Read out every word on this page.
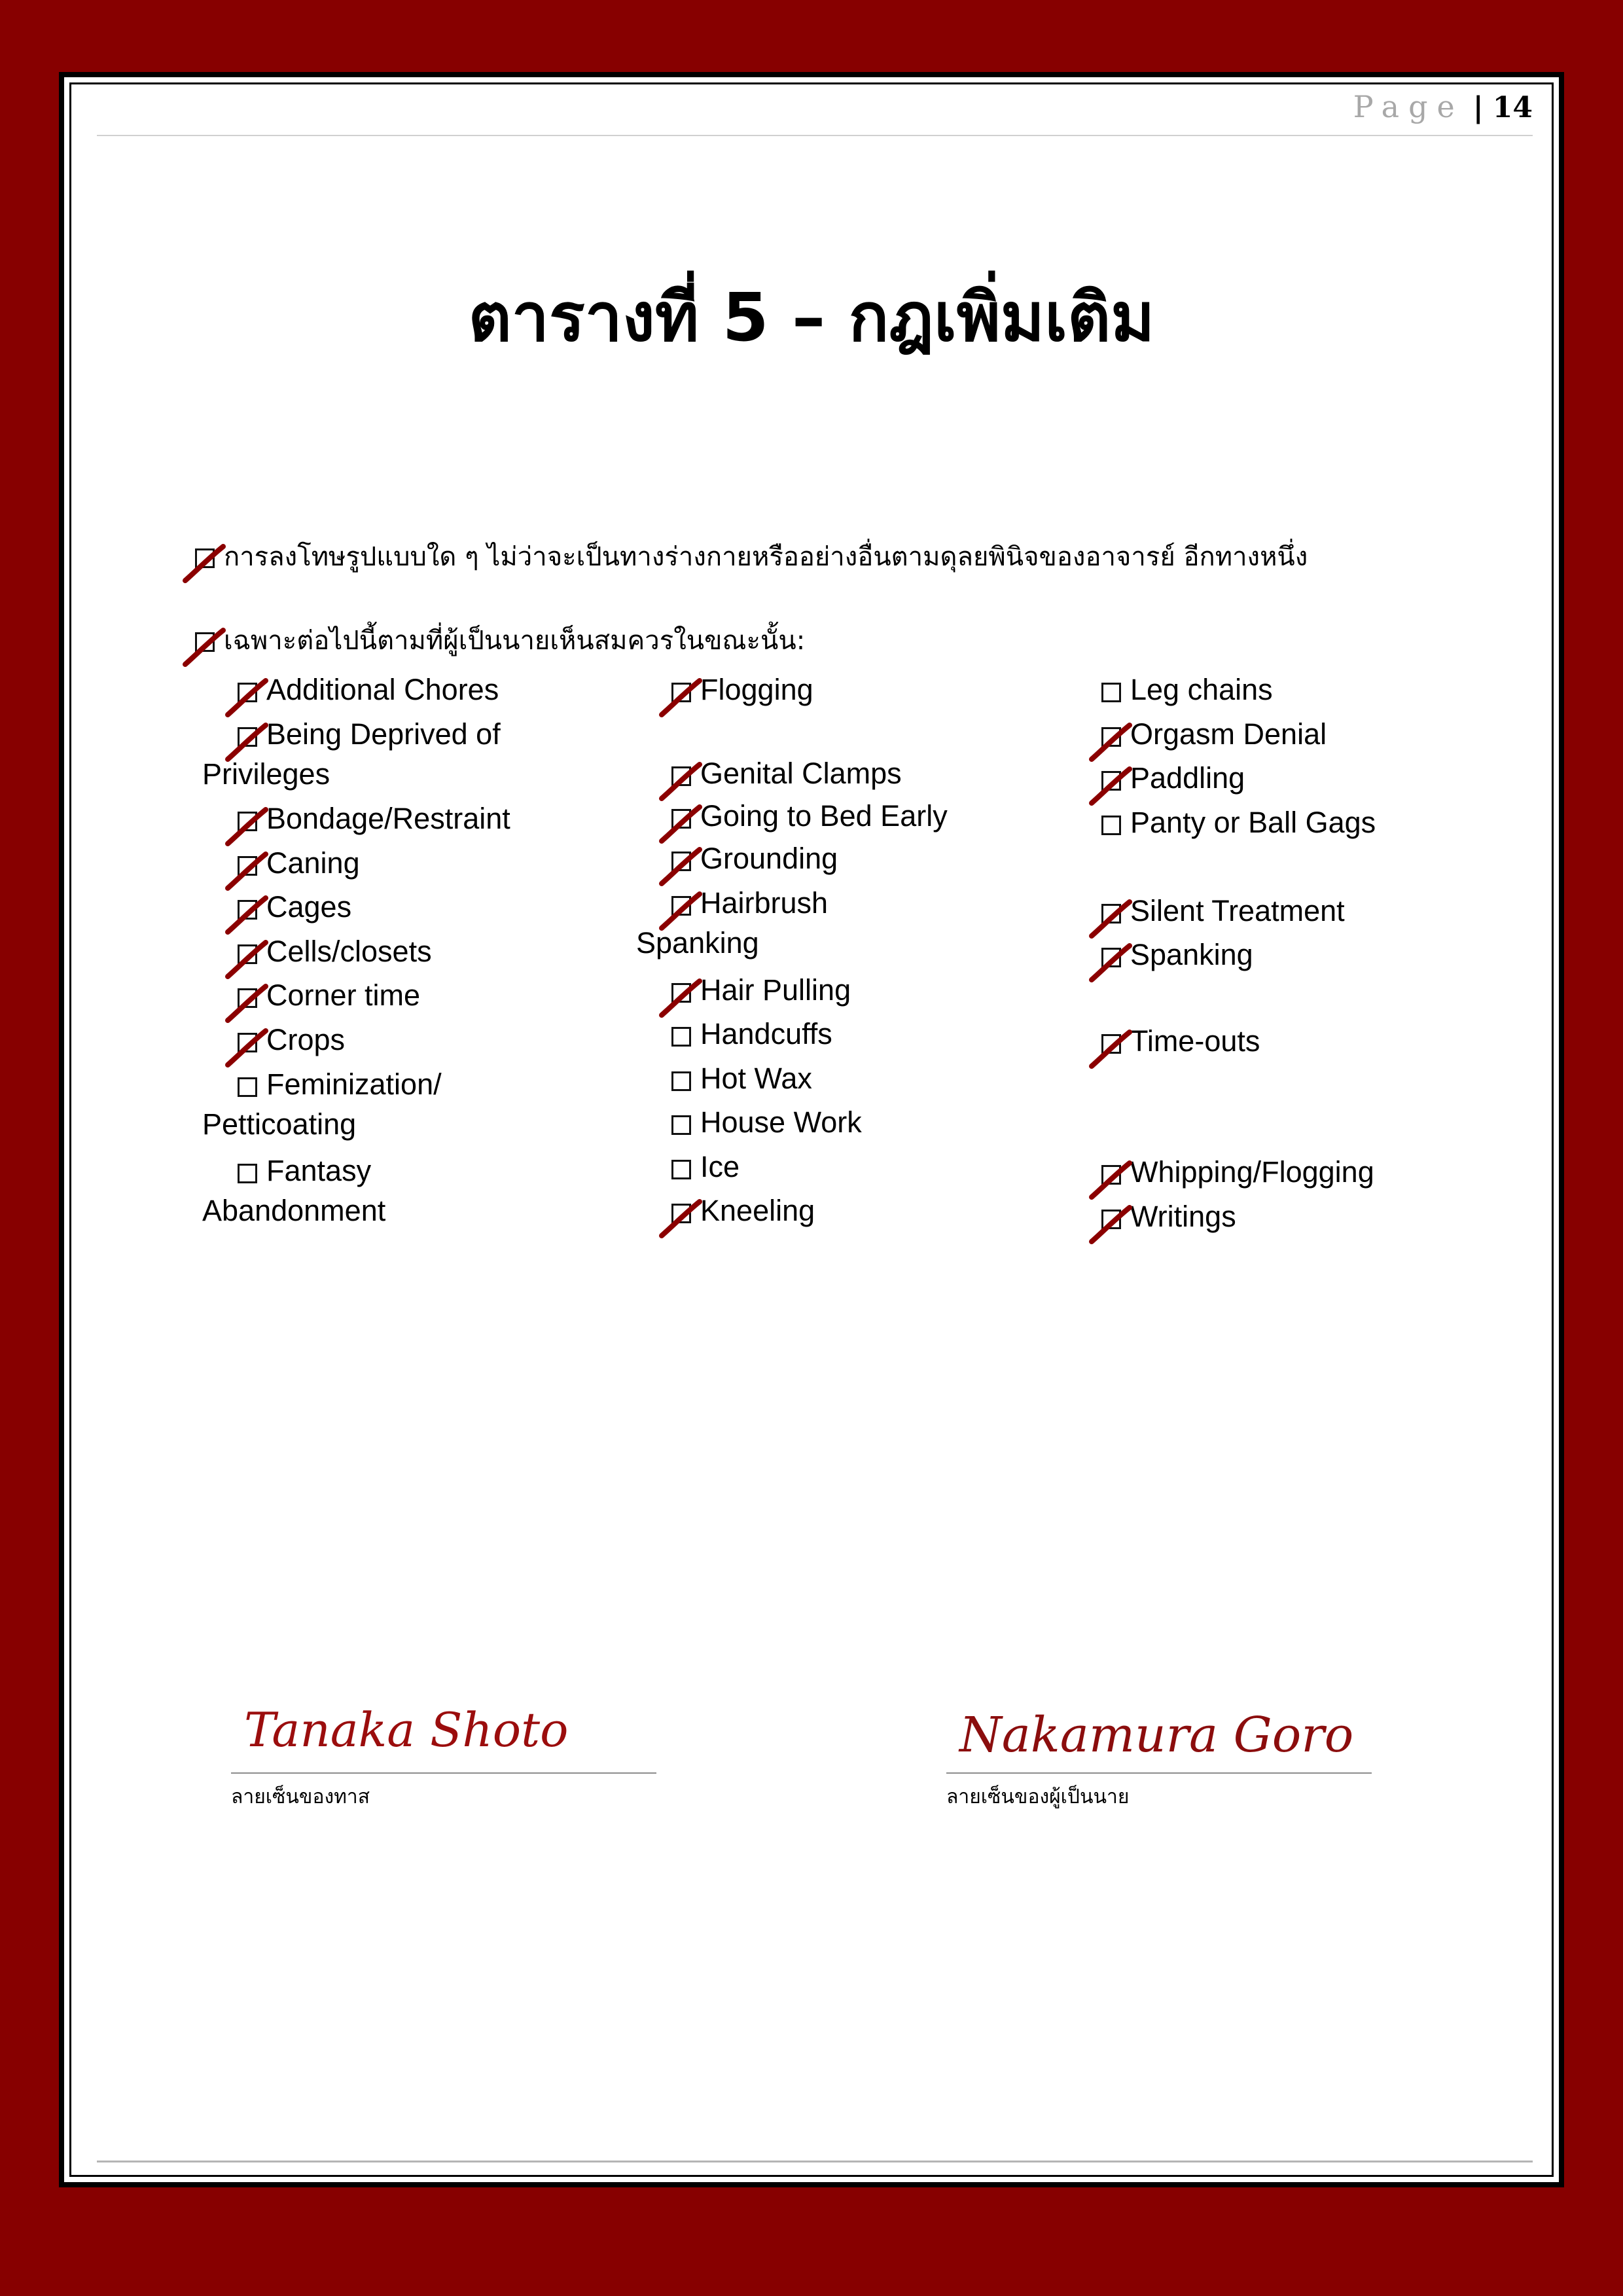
Page | 14
ตารางที่ 5 – กฎเพิ่มเติม
การลงโทษรูปแบบใด ๆ ไม่ว่าจะเป็นทางร่างกายหรืออย่างอื่นตามดุลยพินิจของอาจารย์ อีกทางหนึ่ง
เฉพาะต่อไปนี้ตามที่ผู้เป็นนายเห็นสมควรในขณะนั้น:
Additional Chores
Being Deprived of
Privileges
Bondage/Restraint
Caning
Cages
Cells/closets
Corner time
Crops
Feminization/
Petticoating
Fantasy
Abandonment
Flogging
Genital Clamps
Going to Bed Early
Grounding
Hairbrush
Spanking
Hair Pulling
Handcuffs
Hot Wax
House Work
Ice
Kneeling
Leg chains
Orgasm Denial
Paddling
Panty or Ball Gags
Silent Treatment
Spanking
Time-outs
Whipping/Flogging
Writings
Tanaka Shoto
ลายเซ็นของทาส
Nakamura Goro
ลายเซ็นของผู้เป็นนาย
